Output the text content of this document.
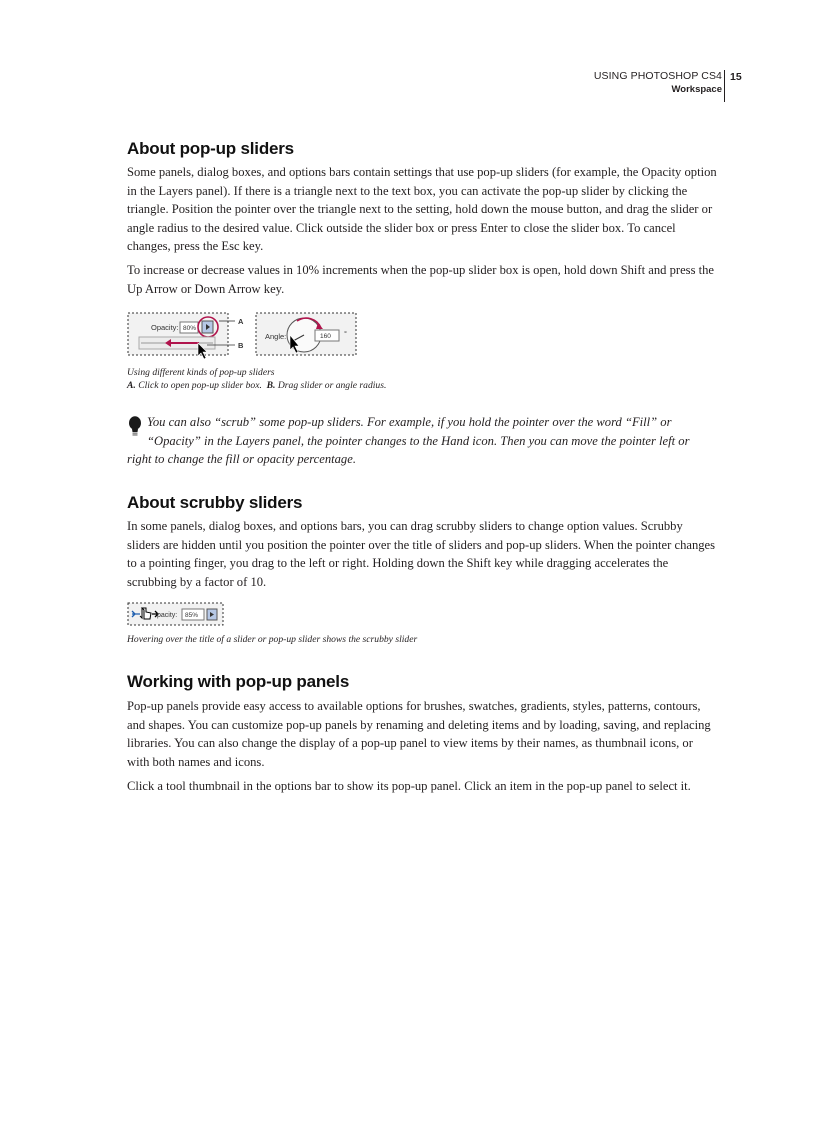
USING PHOTOSHOP CS4
Workspace
15
About pop-up sliders

Some panels, dialog boxes, and options bars contain settings that use pop-up sliders (for example, the Opacity option in the Layers panel). If there is a triangle next to the text box, you can activate the pop-up slider by clicking the triangle. Position the pointer over the triangle next to the setting, hold down the mouse button, and drag the slider or angle radius to the desired value. Click outside the slider box or press Enter to close the slider box. To cancel changes, press the Esc key.

To increase or decrease values in 10% increments when the pop-up slider box is open, hold down Shift and press the Up Arrow or Down Arrow key.

Opacity: 80%
A
B
Angle:	160 °
Using different kinds of pop-up sliders
A. Click to open pop-up slider box. B. Drag slider or angle radius.
You can also “scrub” some pop-up sliders. For example, if you hold the pointer over the word “Fill” or “Opacity” in the Layers panel, the pointer changes to the Hand icon. Then you can move the pointer left or right to change the fill or opacity percentage.
About scrubby sliders

In some panels, dialog boxes, and options bars, you can drag scrubby sliders to change option values. Scrubby sliders are hidden until you position the pointer over the title of sliders and pop-up sliders. When the pointer changes to a pointing finger, you drag to the left or right. Holding down the Shift key while dragging accelerates the scrubbing by a factor of 10.

pacity: 85%
Hovering over the title of a slider or pop-up slider shows the scrubby slider
Working with pop-up panels

Pop-up panels provide easy access to available options for brushes, swatches, gradients, styles, patterns, contours, and shapes. You can customize pop-up panels by renaming and deleting items and by loading, saving, and replacing libraries. You can also change the display of a pop-up panel to view items by their names, as thumbnail icons, or with both names and icons.

Click a tool thumbnail in the options bar to show its pop-up panel. Click an item in the pop-up panel to select it.
